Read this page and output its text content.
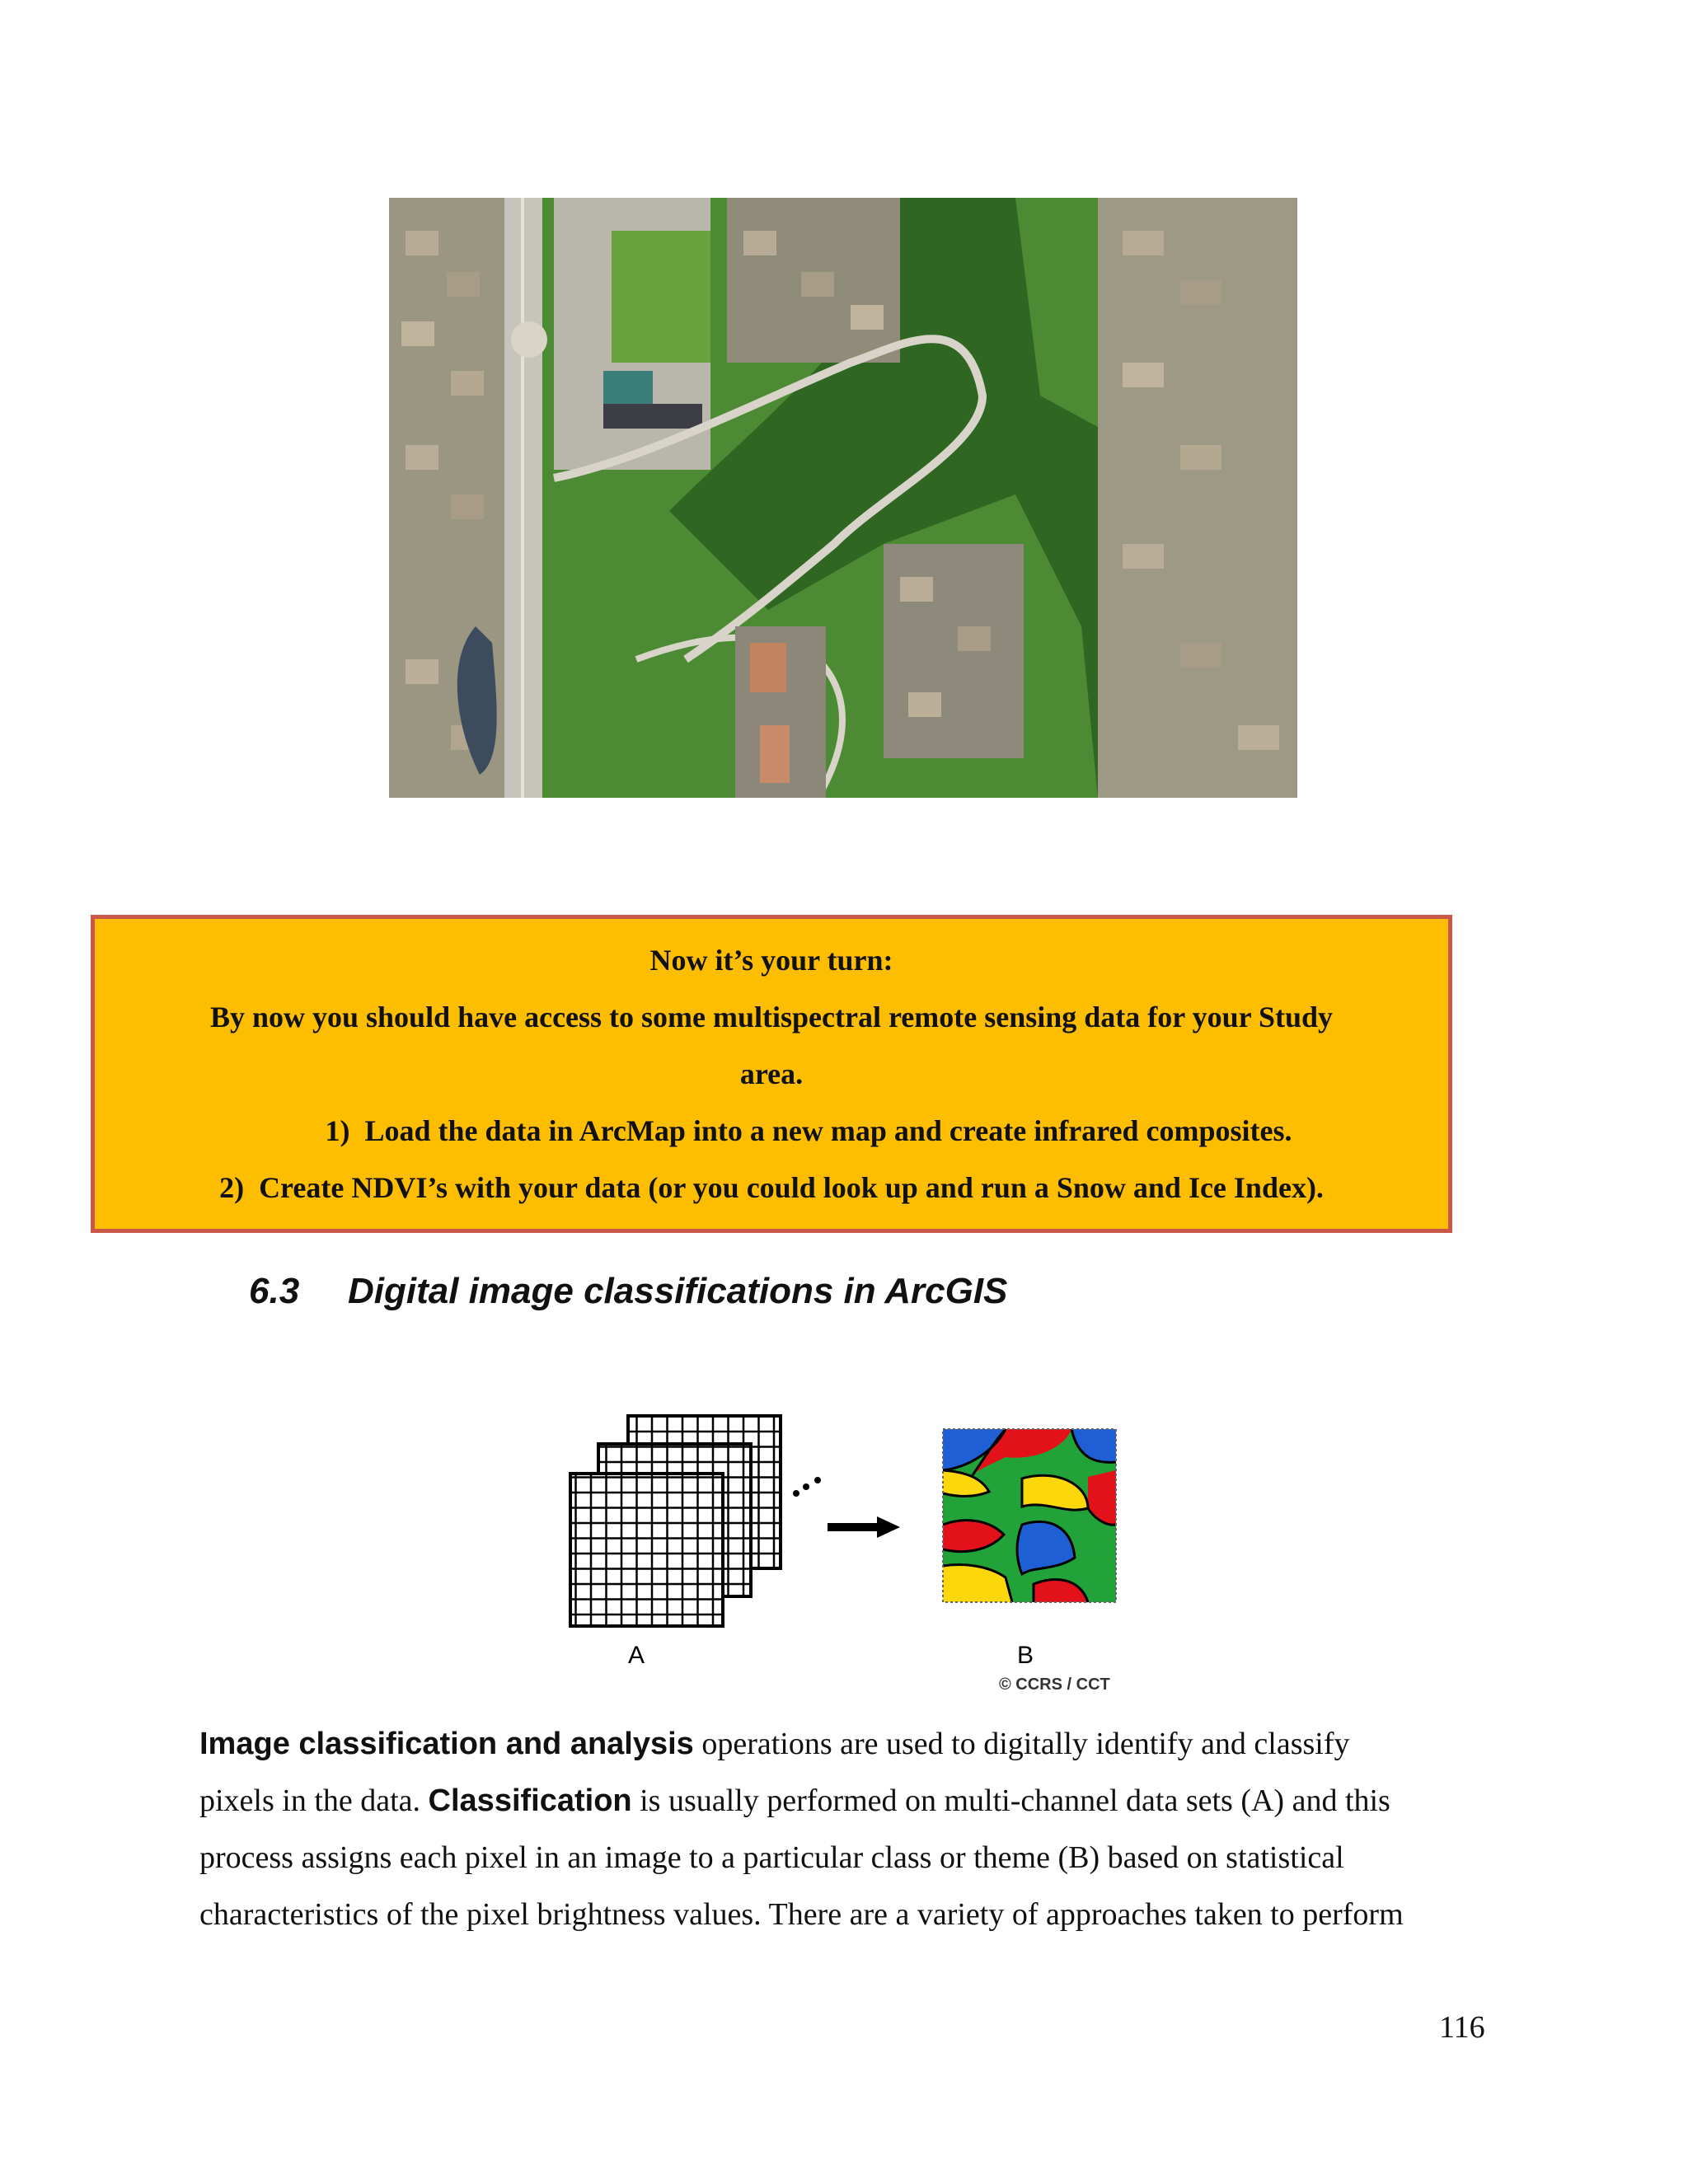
Now it’s your turn:
By now you should have access to some multispectral remote sensing data for your Study
area.
1) Load the data in ArcMap into a new map and create infrared composites.
2) Create NDVI’s with your data (or you could look up and run a Snow and Ice Index).
6.3 Digital image classifications in ArcGIS
A	B
© CCRS / CCT
Image classification and analysis operations are used to digitally identify and classify
pixels in the data. Classification is usually performed on multi-channel data sets (A) and this
process assigns each pixel in an image to a particular class or theme (B) based on statistical
characteristics of the pixel brightness values. There are a variety of approaches taken to perform
116
